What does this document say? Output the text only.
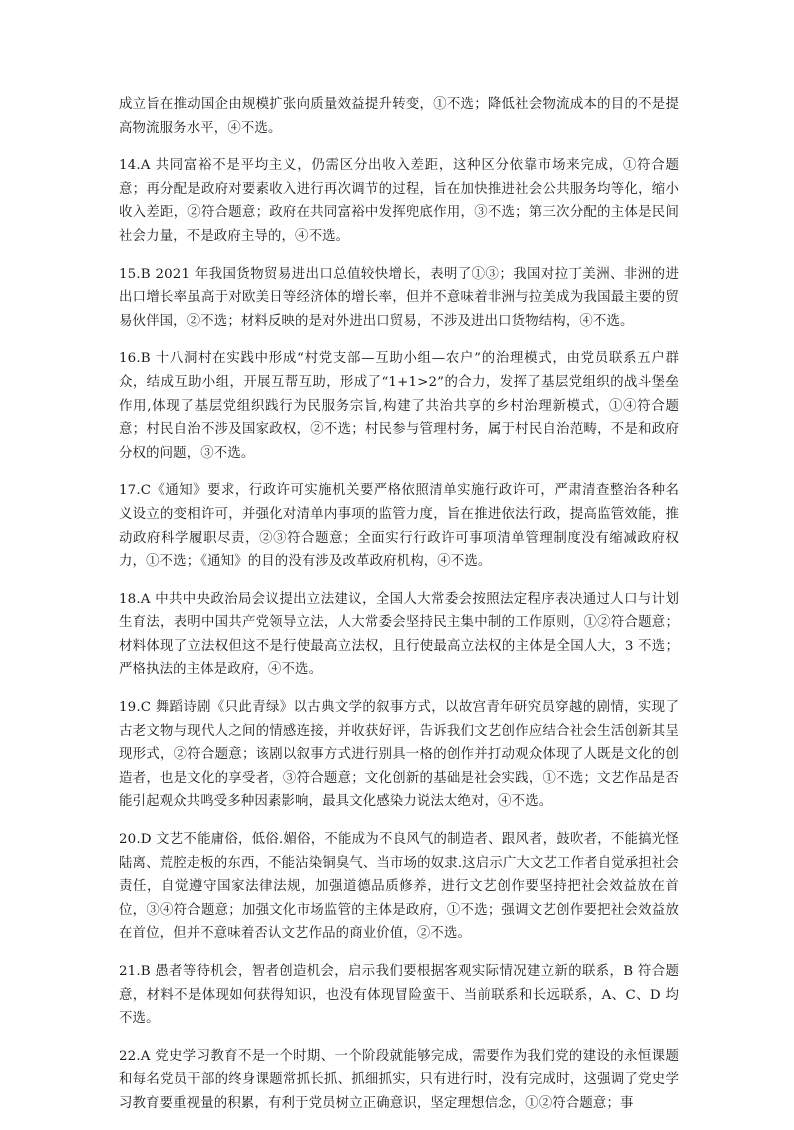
成立旨在推动国企由规模扩张向质量效益提升转变，①不选；降低社会物流成本的目的不是提高物流服务水平，④不选。

14.A 共同富裕不是平均主义，仍需区分出收入差距，这种区分依靠市场来完成，①符合题意；再分配是政府对要素收入进行再次调节的过程，旨在加快推进社会公共服务均等化，缩小收入差距，②符合题意；政府在共同富裕中发挥兜底作用，③不选；第三次分配的主体是民间社会力量，不是政府主导的，④不选。

15.B 2021 年我国货物贸易进出口总值较快增长，表明了①③；我国对拉丁美洲、非洲的进出口增长率虽高于对欧美日等经济体的增长率，但并不意味着非洲与拉美成为我国最主要的贸易伙伴国，②不选；材料反映的是对外进出口贸易，不涉及进出口货物结构，④不选。

16.B 十八洞村在实践中形成“村党支部—互助小组—农户”的治理模式，由党员联系五户群众，结成互助小组，开展互帮互助，形成了“1+1>2”的合力，发挥了基层党组织的战斗堡垒作用,体现了基层党组织践行为民服务宗旨,构建了共治共享的乡村治理新模式，①④符合题意；村民自治不涉及国家政权，②不选；村民参与管理村务，属于村民自治范畴，不是和政府分权的问题，③不选。

17.C《通知》要求，行政许可实施机关要严格依照清单实施行政许可，严肃清查整治各种名义设立的变相许可，并强化对清单内事项的监管力度，旨在推进依法行政，提高监管效能，推动政府科学履职尽责，②③符合题意；全面实行行政许可事项清单管理制度没有缩减政府权力，①不选；《通知》的目的没有涉及改革政府机构，④不选。

18.A 中共中央政治局会议提出立法建议，全国人大常委会按照法定程序表决通过人口与计划生育法，表明中国共产党领导立法，人大常委会坚持民主集中制的工作原则，①②符合题意；材料体现了立法权但这不是行使最高立法权，且行使最高立法权的主体是全国人大，3 不选；严格执法的主体是政府，④不选。

19.C 舞蹈诗剧《只此青绿》以古典文学的叙事方式，以故宫青年研究员穿越的剧情，实现了古老文物与现代人之间的情感连接，并收获好评，告诉我们文艺创作应结合社会生活创新其呈现形式，②符合题意；该剧以叙事方式进行别具一格的创作并打动观众体现了人既是文化的创造者，也是文化的享受者，③符合题意；文化创新的基础是社会实践，①不选；文艺作品是否能引起观众共鸣受多种因素影响，最具文化感染力说法太绝对，④不选。

20.D 文艺不能庸俗，低俗.媚俗，不能成为不良风气的制造者、跟风者，鼓吹者，不能搞光怪陆离、荒腔走板的东西，不能沾染铜臭气、当市场的奴隶.这启示广大文艺工作者自觉承担社会责任，自觉遵守国家法律法规，加强道德品质修养，进行文艺创作要坚持把社会效益放在首位，③④符合题意；加强文化市场监管的主体是政府，①不选；强调文艺创作要把社会效益放在首位，但并不意味着否认文艺作品的商业价值，②不选。

21.B 愚者等待机会，智者创造机会，启示我们要根据客观实际情况建立新的联系，B 符合题意，材料不是体现如何获得知识，也没有体现冒险蛮干、当前联系和长远联系，A、C、D 均不选。

22.A 党史学习教育不是一个时期、一个阶段就能够完成，需要作为我们党的建设的永恒课题和每名党员干部的终身课题常抓长抓、抓细抓实，只有进行时，没有完成时，这强调了党史学习教育要重视量的积累，有利于党员树立正确意识，坚定理想信念，①②符合题意；事
